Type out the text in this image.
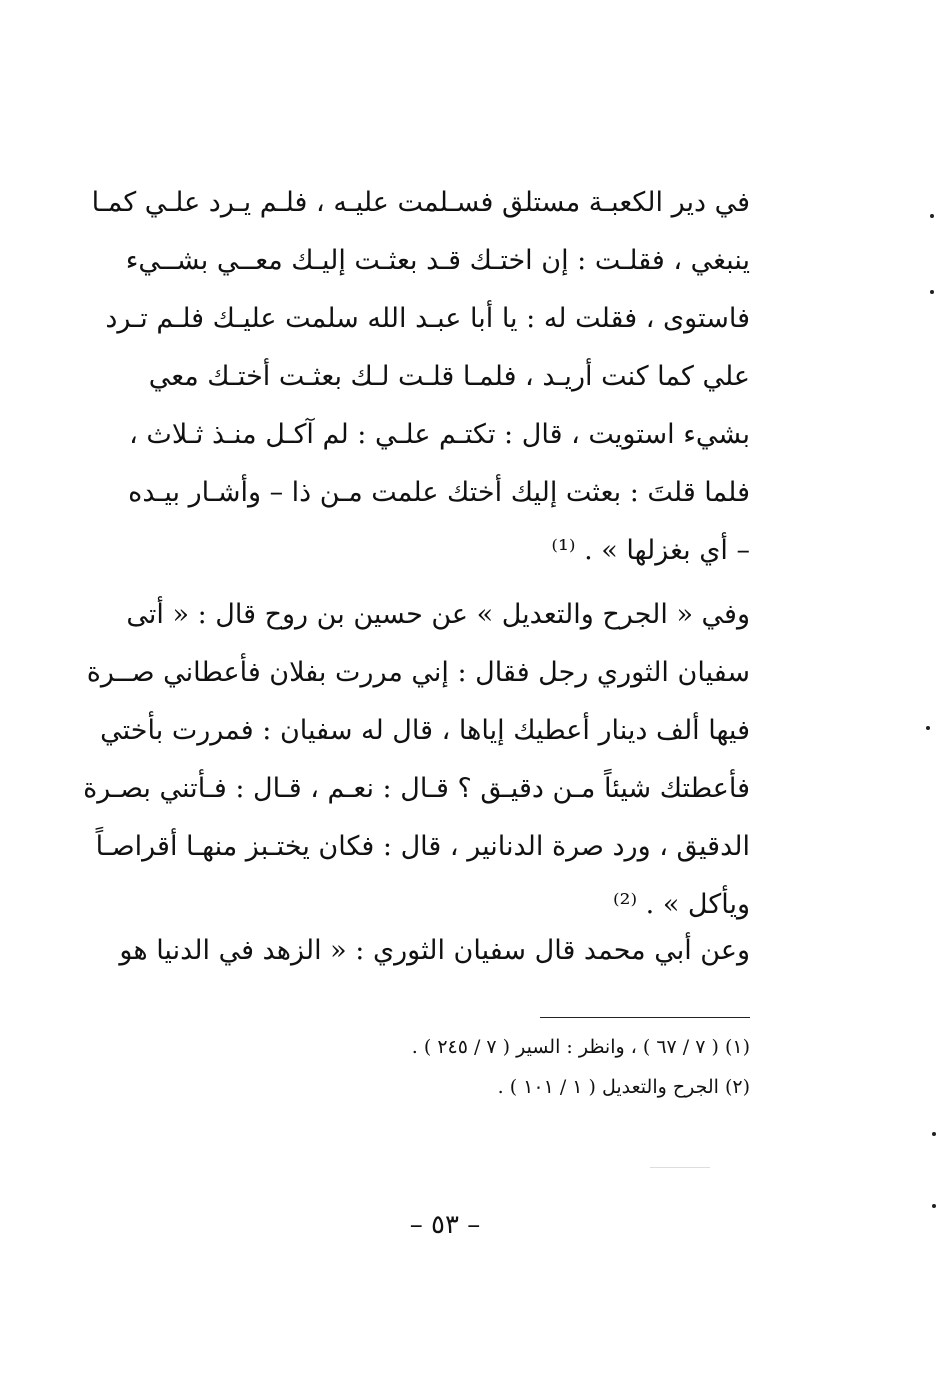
في دير الكعبـة مستلق فسـلمت عليـه ، فلـم يـرد علـي كمـا
ينبغي ، فقلـت : إن اختـك قـد بعثـت إليـك معــي بشــيء
فاستوى ، فقلت له : يا أبا عبـد الله سلمت عليـك فلـم تـرد
علي كما كنت أريـد ، فلمـا قلـت لـك بعثـت أختـك معي
بشيء استويت ، قال : تكتـم علـي : لم آكـل منـذ ثـلاث ،
فلما قلتَ : بعثت إليك أختك علمت مـن ذا – وأشـار بيـده
– أي بغزلها » . ⁽¹⁾
وفي « الجرح والتعديل » عن حسين بن روح قال : « أتى
سفيان الثوري رجل فقال : إني مررت بفلان فأعطاني صــرة
فيها ألف دينار أعطيك إياها ، قال له سفيان : فمررت بأختي
فأعطتك شيئاً مـن دقيـق ؟ قـال : نعـم ، قـال : فـأتني بصـرة
الدقيق ، ورد صرة الدنانير ، قال : فكان يختـبز منهـا أقراصـاً
ويأكل » . ⁽²⁾
وعن أبي محمد قال سفيان الثوري : « الزهد في الدنيا هو
(١) ( ٧ / ٦٧ ) ، وانظر : السير ( ٧ / ٢٤٥ ) .
(٢) الجرح والتعديل ( ١ / ١٠١ ) .
– ٥٣ –
